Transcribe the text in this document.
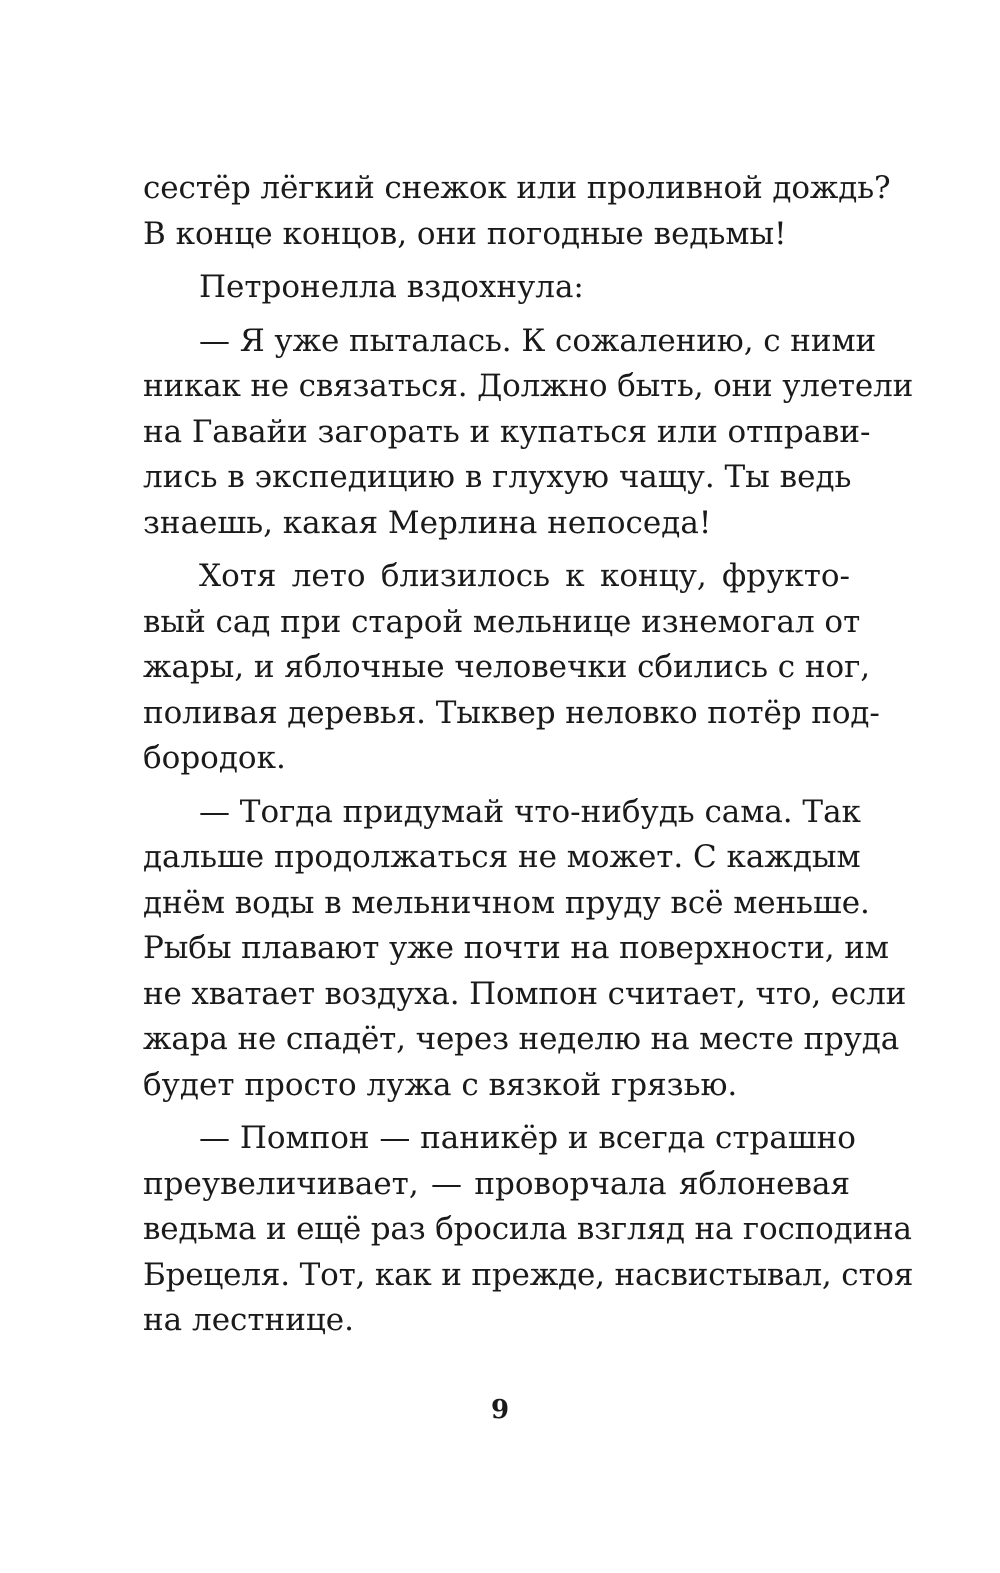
сестёр лёгкий снежок или проливной дождь?
В конце концов, они погодные ведьмы!
Петронелла вздохнула:
— Я уже пыталась. К сожалению, с ними
никак не связаться. Должно быть, они улетели
на Гавайи загорать и купаться или отправи-
лись в экспедицию в глухую чащу. Ты ведь
знаешь, какая Мерлина непоседа!
Хотя лето близилось к концу, фрукто-
вый сад при старой мельнице изнемогал от
жары, и яблочные человечки сбились с ног,
поливая деревья. Тыквер неловко потёр под-
бородок.
— Тогда придумай что-нибудь сама. Так
дальше продолжаться не может. С каждым
днём воды в мельничном пруду всё меньше.
Рыбы плавают уже почти на поверхности, им
не хватает воздуха. Помпон считает, что, если
жара не спадёт, через неделю на месте пруда
будет просто лужа с вязкой грязью.
— Помпон — паникёр и всегда страшно
преувеличивает, — проворчала яблоневая
ведьма и ещё раз бросила взгляд на господина
Брецеля. Тот, как и прежде, насвистывал, стоя
на лестнице.
9
